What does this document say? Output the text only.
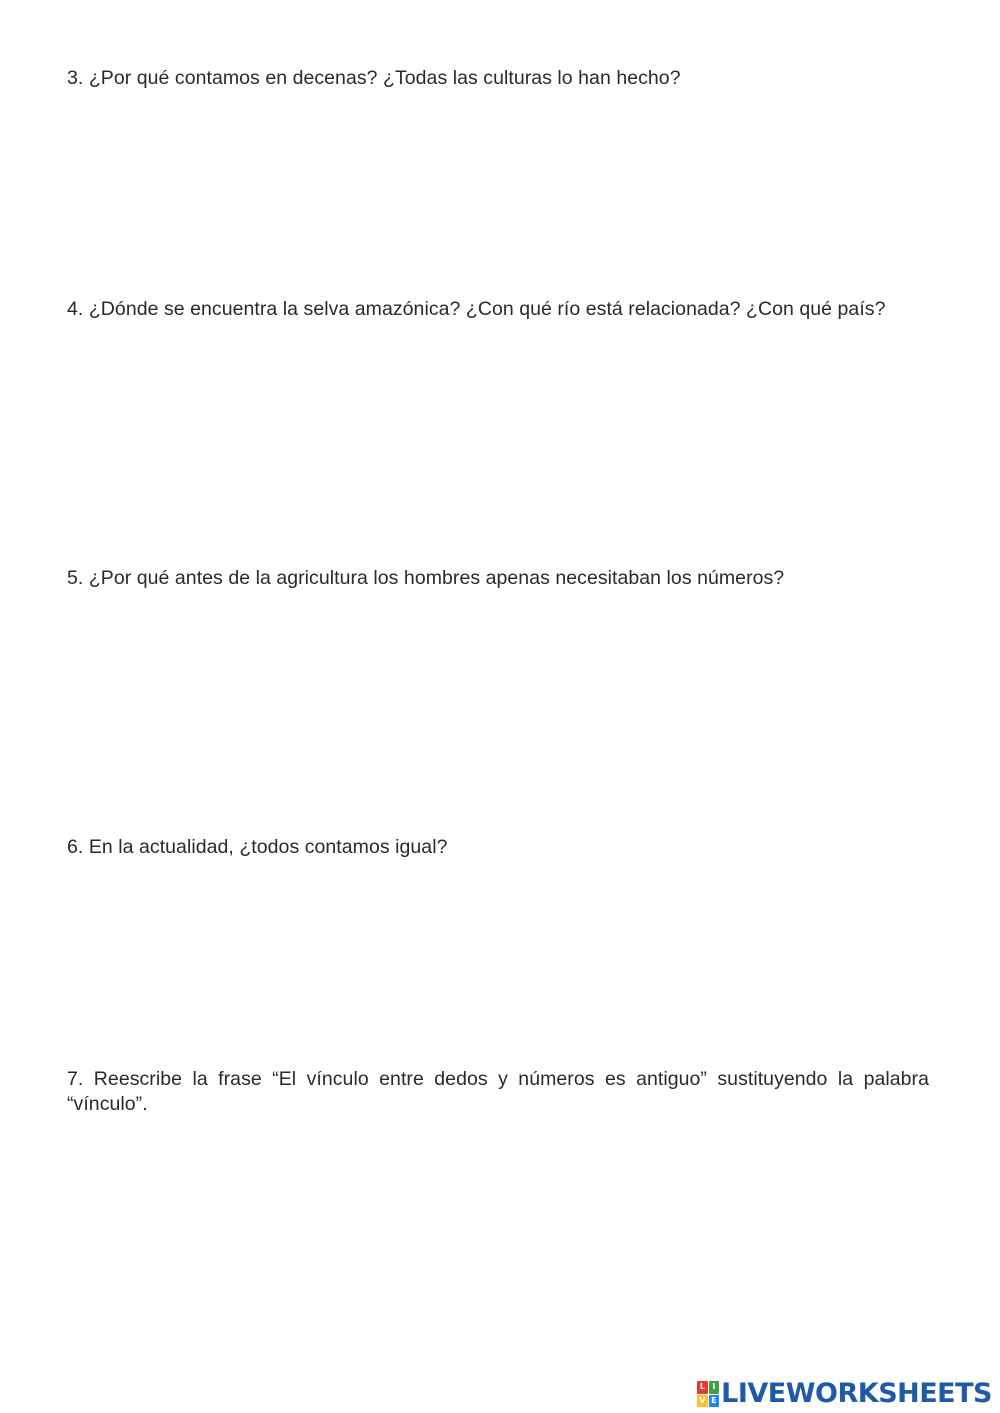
3. ¿Por qué contamos en decenas? ¿Todas las culturas lo han hecho?

4. ¿Dónde se encuentra la selva amazónica? ¿Con qué río está relacionada? ¿Con qué país?

5. ¿Por qué antes de la agricultura los hombres apenas necesitaban los números?

6. En la actualidad, ¿todos contamos igual?

7. Reescribe la frase “El vínculo entre dedos y números es antiguo” sustituyendo la palabra “vínculo”.

L I
V E LIVEWORKSHEETS
